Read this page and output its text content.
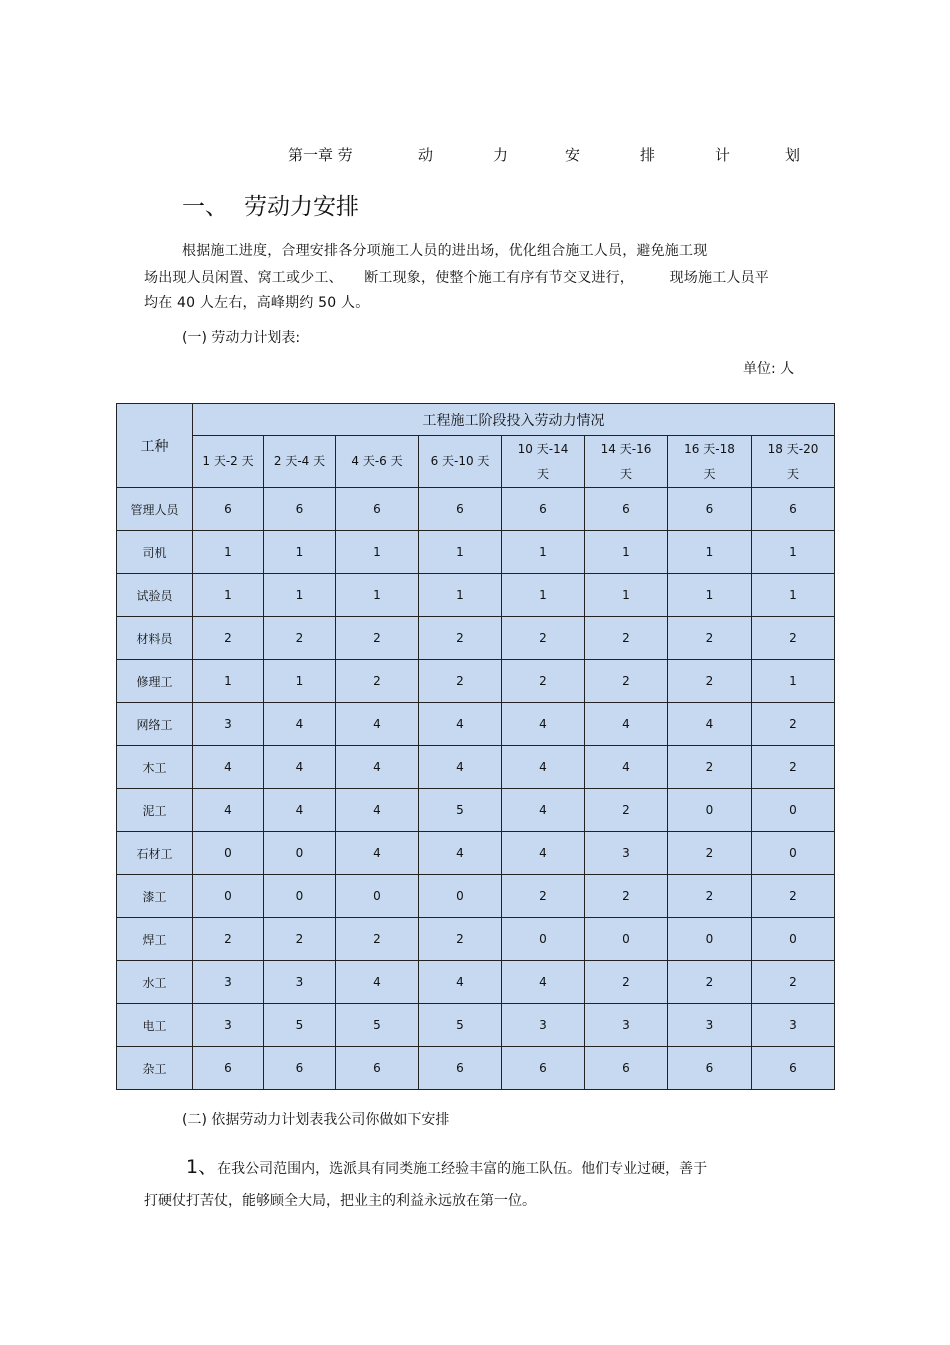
第一章 劳	动	力	安	排	计	划
一、 劳动力安排
根据施工进度，合理安排各分项施工人员的进出场，优化组合施工人员，避免施工现
场出现人员闲置、窝工或少工、　　断工现象，使整个施工有序有节交叉进行，　　　现场施工人员平
均在 40 人左右，高峰期约 50 人。
(一) 劳动力计划表:
单位: 人
工种	工程施工阶段投入劳动力情况							
	1 天-2 天	2 天-4 天	4 天-6 天	6 天-10 天	10 天-14
天	14 天-16
天	16 天-18
天	18 天-20
天
管理人员	6	6	6	6	6	6	6	6
司机	1	1	1	1	1	1	1	1
试验员	1	1	1	1	1	1	1	1
材料员	2	2	2	2	2	2	2	2
修理工	1	1	2	2	2	2	2	1
网络工	3	4	4	4	4	4	4	2
木工	4	4	4	4	4	4	2	2
泥工	4	4	4	5	4	2	0	0
石材工	0	0	4	4	4	3	2	0
漆工	0	0	0	0	2	2	2	2
焊工	2	2	2	2	0	0	0	0
水工	3	3	4	4	4	2	2	2
电工	3	5	5	5	3	3	3	3
杂工	6	6	6	6	6	6	6	6
(二) 依据劳动力计划表我公司你做如下安排
1、在我公司范围内，选派具有同类施工经验丰富的施工队伍。他们专业过硬，善于
打硬仗打苦仗，能够顾全大局，把业主的利益永远放在第一位。
